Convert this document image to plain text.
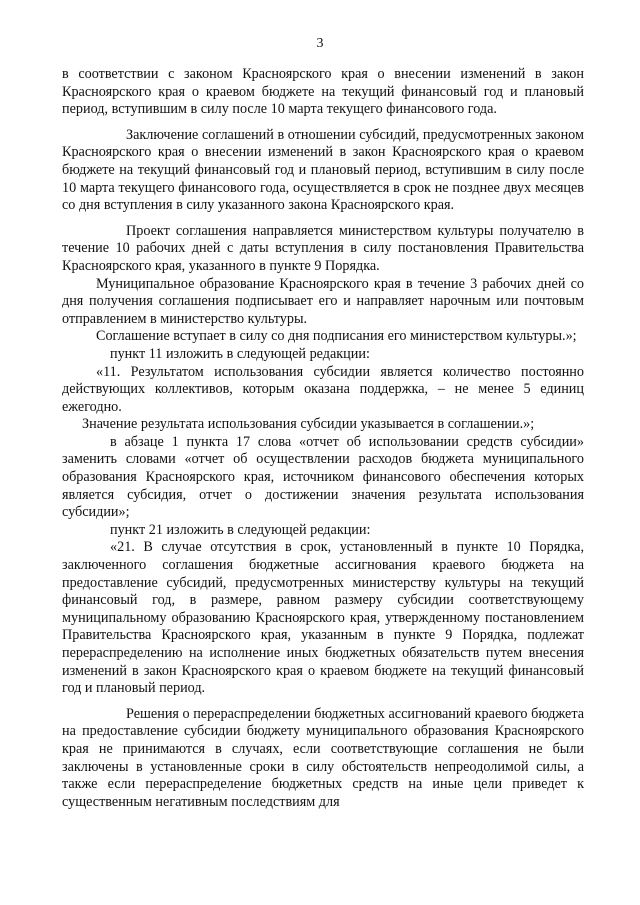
3

в соответствии с законом Красноярского края о внесении изменений в закон Красноярского края о краевом бюджете на текущий финансовый год и плановый период, вступившим в силу после 10 марта текущего финансового года.

Заключение соглашений в отношении субсидий, предусмотренных законом Красноярского края о внесении изменений в закон Красноярского края о краевом бюджете на текущий финансовый год и плановый период, вступившим в силу после 10 марта текущего финансового года, осуществляется в срок не позднее двух месяцев со дня вступления в силу указанного закона Красноярского края.

Проект соглашения направляется министерством культуры получателю в течение 10 рабочих дней с даты вступления в силу постановления Правительства Красноярского края, указанного в пункте 9 Порядка.

Муниципальное образование Красноярского края в течение 3 рабочих дней со дня получения соглашения подписывает его и направляет нарочным или почтовым отправлением в министерство культуры.

Соглашение вступает в силу со дня подписания его министерством культуры.»;

пункт 11 изложить в следующей редакции:

«11. Результатом использования субсидии является количество постоянно действующих коллективов, которым оказана поддержка, – не менее 5 единиц ежегодно.

Значение результата использования субсидии указывается в соглашении.»;

в абзаце 1 пункта 17 слова «отчет об использовании средств субсидии» заменить словами «отчет об осуществлении расходов бюджета муниципального образования Красноярского края, источником финансового обеспечения которых является субсидия, отчет о достижении значения результата использования субсидии»;

пункт 21 изложить в следующей редакции:

«21. В случае отсутствия в срок, установленный в пункте 10 Порядка, заключенного соглашения бюджетные ассигнования краевого бюджета на предоставление субсидий, предусмотренных министерству культуры на текущий финансовый год, в размере, равном размеру субсидии соответствующему муниципальному образованию Красноярского края, утвержденному постановлением Правительства Красноярского края, указанным в пункте 9 Порядка, подлежат перераспределению на исполнение иных бюджетных обязательств путем внесения изменений в закон Красноярского края о краевом бюджете на текущий финансовый год и плановый период.

Решения о перераспределении бюджетных ассигнований краевого бюджета на предоставление субсидии бюджету муниципального образования Красноярского края не принимаются в случаях, если соответствующие соглашения не были заключены в установленные сроки в силу обстоятельств непреодолимой силы, а также если перераспределение бюджетных средств на иные цели приведет к существенным негативным последствиям для
